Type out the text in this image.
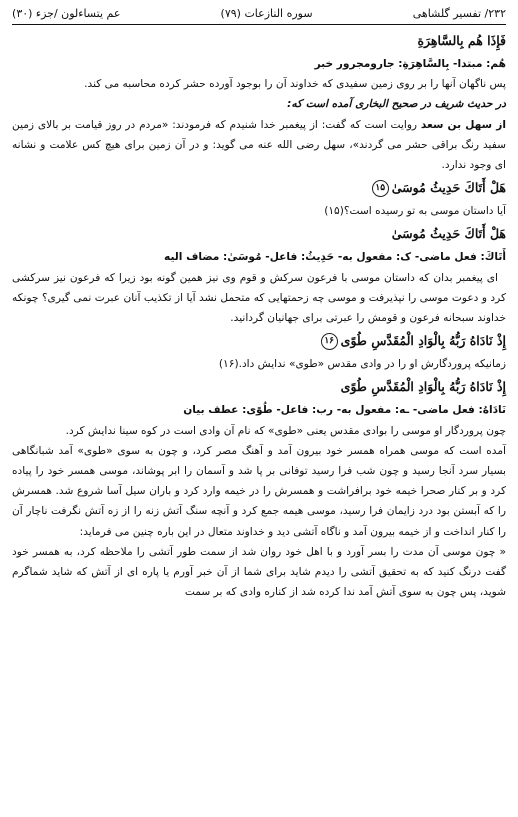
۲۳۲/ تفسیر گلشاهی
سوره النازعات (۷۹)
عم یتساءلون /جزء (۳۰)

فَإِذَا هُم بِالسَّاهِرَةِ

هُم: مبتدا- بِالسَّاهِرَةِ: جارومجرور خبر

پس ناگهان آنها را بر روی زمین سفیدی که خداوند آن را بوجود آورده حشر کرده محاسبه می کند.

در حدیث شریف در صحیح البخاری آمده است که:

از سهل بن سعد روایت است که گفت: از پیغمبر خدا شنیدم که فرمودند: «مردم در روز قیامت بر بالای زمین سفید رنگ براقی حشر می گردند»، سهل رضی الله عنه می گوید: و در آن زمین برای هیچ کس علامت و نشانه ای وجود ندارد.

هَلْ أَتَاكَ حَدِيثُ مُوسَىٰ۱۵

آیا داستان موسی به تو رسیده است؟(۱۵)

هَلْ أَتَاكَ حَدِيثُ مُوسَىٰ

أَتَاكَ: فعل ماضی- ک: مفعول به- حَدِيثُ: فاعل- مُوسَىٰ: مضاف الیه

ای پیغمبر بدان که داستان موسی با فرعون سرکش و قوم وی نیز همین گونه بود زیرا که فرعون نیز سرکشی کرد و دعوت موسی را نپذیرفت و موسی چه زحمتهایی که متحمل نشد آیا از تکذیب آنان عبرت نمی گیری؟ چونکه خداوند سبحانه فرعون و قومش را عبرتی برای جهانیان گردانید.

إِذْ نَادَاهُ رَبُّهُ بِالْوَادِ الْمُقَدَّسِ طُوًى۱۶

زمانیکه پروردگارش او را در وادی مقدس «طوی» ندایش داد.(۱۶)

إِذْ نَادَاهُ رَبُّهُ بِالْوَادِ الْمُقَدَّسِ طُوًى

نَادَاهُ: فعل ماضی- ـه: مفعول به- رب: فاعل- طُوًى: عطف بیان

چون پروردگار او موسی را بوادی مقدس یعنی «طوی» که نام آن وادی است در کوه سینا ندایش کرد.

آمده است که موسی همراه همسر خود بیرون آمد و آهنگ مصر کرد، و چون به سوی «طوی» آمد شبانگاهی بسیار سرد آنجا رسید و چون شب فرا رسید توفانی بر پا شد و آسمان را ابر پوشاند، موسی همسر خود را پیاده کرد و بر کنار صحرا خیمه خود برافراشت و همسرش را در خیمه وارد کرد و باران سیل آسا شروع شد. همسرش را که آبستن بود درد زایمان فرا رسید، موسی هیمه جمع کرد و آنچه سنگ آتش زنه را از زه آتش نگرفت ناچار آن را کنار انداخت و از خیمه بیرون آمد و ناگاه آتشی دید و خداوند متعال در این باره چنین می فرماید:

« چون موسی آن مدت را بسر آورد و با اهل خود روان شد از سمت طور آتشی را ملاحظه کرد، به همسر خود گفت درنگ کنید که به تحقیق آتشی را دیدم شاید برای شما از آن خبر آورم یا پاره ای از آتش که شاید شماگرم شوید، پس چون به سوی آتش آمد ندا کرده شد از کناره وادی که بر سمت
